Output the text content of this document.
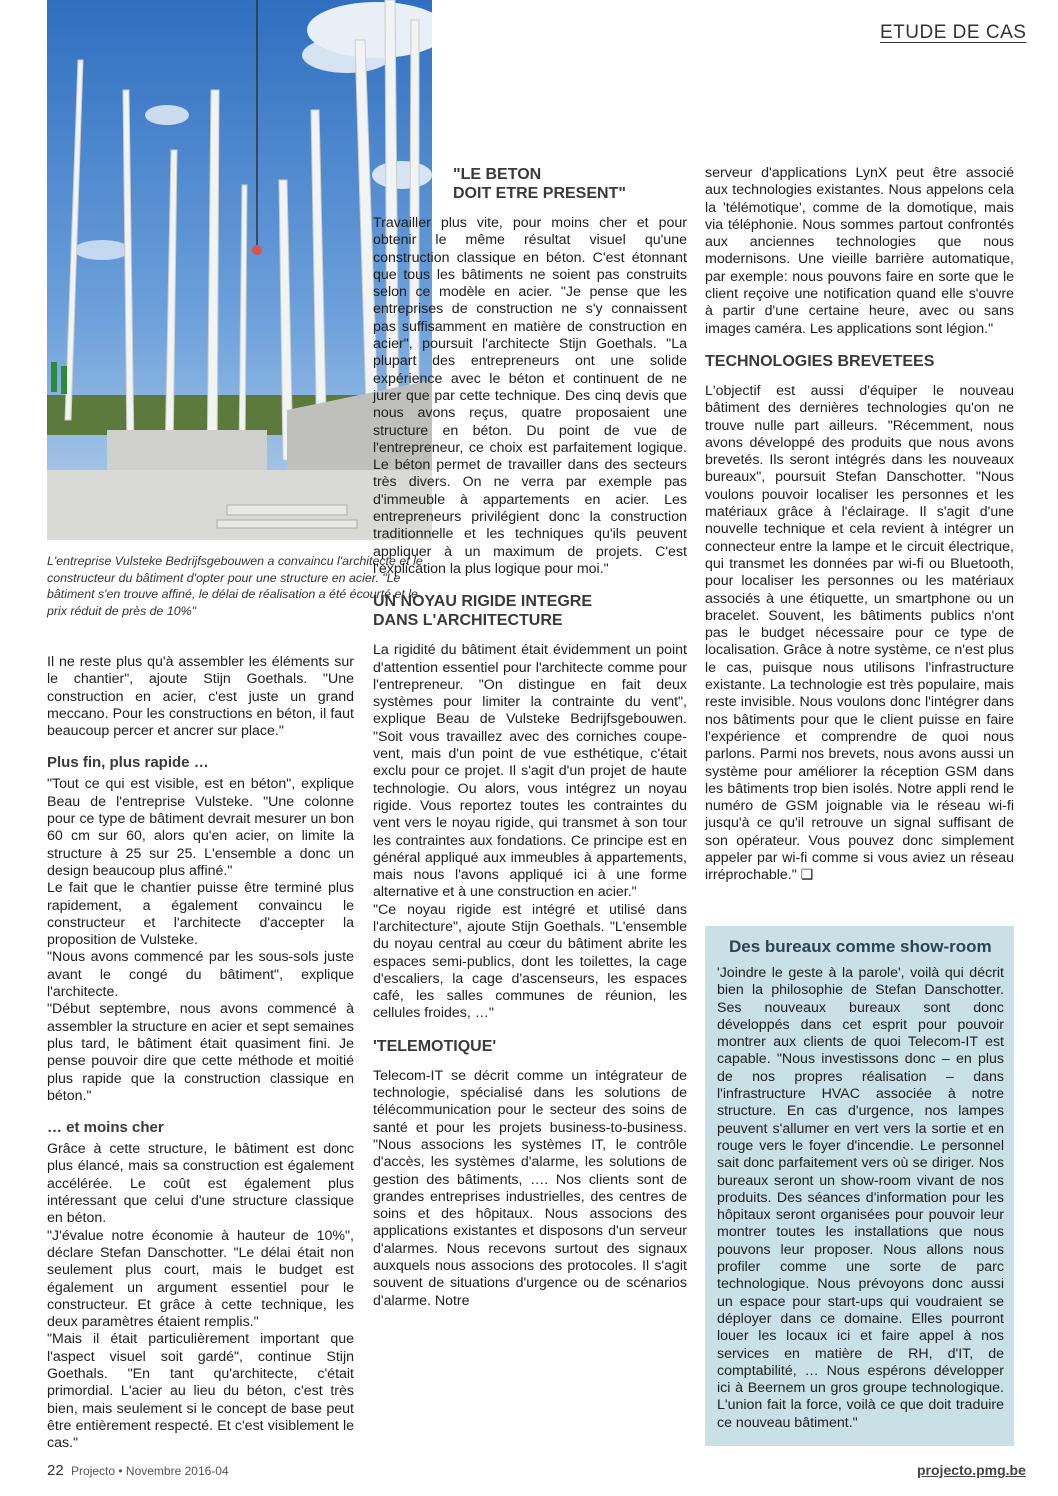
ETUDE DE CAS
L'entreprise Vulsteke Bedrijfsgebouwen a convaincu l'architecte et le constructeur du bâtiment d'opter pour une structure en acier. "Le bâtiment s'en trouve affiné, le délai de réalisation a été écourté et le prix réduit de près de 10%"

Il ne reste plus qu'à assembler les éléments sur le chantier", ajoute Stijn Goethals. "Une construction en acier, c'est juste un grand meccano. Pour les constructions en béton, il faut beaucoup percer et ancrer sur place."

Plus fin, plus rapide …

"Tout ce qui est visible, est en béton", explique Beau de l'entreprise Vulsteke. "Une colonne pour ce type de bâtiment devrait mesurer un bon 60 cm sur 60, alors qu'en acier, on limite la structure à 25 sur 25. L'ensemble a donc un design beaucoup plus affiné."

Le fait que le chantier puisse être terminé plus rapidement, a également convaincu le constructeur et l'architecte d'accepter la proposition de Vulsteke.

"Nous avons commencé par les sous-sols juste avant le congé du bâtiment", explique l'architecte.

"Début septembre, nous avons commencé à assembler la structure en acier et sept semaines plus tard, le bâtiment était quasiment fini. Je pense pouvoir dire que cette méthode et moitié plus rapide que la construction classique en béton."

… et moins cher

Grâce à cette structure, le bâtiment est donc plus élancé, mais sa construction est également accélérée. Le coût est également plus intéressant que celui d'une structure classique en béton.

"J'évalue notre économie à hauteur de 10%", déclare Stefan Danschotter. "Le délai était non seulement plus court, mais le budget est également un argument essentiel pour le constructeur. Et grâce à cette technique, les deux paramètres étaient remplis."

"Mais il était particulièrement important que l'aspect visuel soit gardé", continue Stijn Goethals. "En tant qu'architecte, c'était primordial. L'acier au lieu du béton, c'est très bien, mais seulement si le concept de base peut être entièrement respecté. Et c'est visiblement le cas."

"LE BETON
DOIT ETRE PRESENT"

Travailler plus vite, pour moins cher et pour obtenir le même résultat visuel qu'une construction classique en béton. C'est étonnant que tous les bâtiments ne soient pas construits selon ce modèle en acier. "Je pense que les entreprises de construction ne s'y connaissent pas suffisamment en matière de construction en acier", poursuit l'architecte Stijn Goethals. "La plupart des entrepreneurs ont une solide expérience avec le béton et continuent de ne jurer que par cette technique. Des cinq devis que nous avons reçus, quatre proposaient une structure en béton. Du point de vue de l'entrepreneur, ce choix est parfaitement logique. Le béton permet de travailler dans des secteurs très divers. On ne verra par exemple pas d'immeuble à appartements en acier. Les entrepreneurs privilégient donc la construction traditionnelle et les techniques qu'ils peuvent appliquer à un maximum de projets. C'est l'explication la plus logique pour moi."

UN NOYAU RIGIDE INTEGRE
DANS L'ARCHITECTURE

La rigidité du bâtiment était évidemment un point d'attention essentiel pour l'architecte comme pour l'entrepreneur. "On distingue en fait deux systèmes pour limiter la contrainte du vent", explique Beau de Vulsteke Bedrijfsgebouwen. "Soit vous travaillez avec des corniches coupe-vent, mais d'un point de vue esthétique, c'était exclu pour ce projet. Il s'agit d'un projet de haute technologie. Ou alors, vous intégrez un noyau rigide. Vous reportez toutes les contraintes du vent vers le noyau rigide, qui transmet à son tour les contraintes aux fondations. Ce principe est en général appliqué aux immeubles à appartements, mais nous l'avons appliqué ici à une forme alternative et à une construction en acier."

"Ce noyau rigide est intégré et utilisé dans l'architecture", ajoute Stijn Goethals. "L'ensemble du noyau central au cœur du bâtiment abrite les espaces semi-publics, dont les toilettes, la cage d'escaliers, la cage d'ascenseurs, les espaces café, les salles communes de réunion, les cellules froides, …"

'TELEMOTIQUE'

Telecom-IT se décrit comme un intégrateur de technologie, spécialisé dans les solutions de télécommunication pour le secteur des soins de santé et pour les projets business-to-business. "Nous associons les systèmes IT, le contrôle d'accès, les systèmes d'alarme, les solutions de gestion des bâtiments, …. Nos clients sont de grandes entreprises industrielles, des centres de soins et des hôpitaux. Nous associons des applications existantes et disposons d'un serveur d'alarmes. Nous recevons surtout des signaux auxquels nous associons des protocoles. Il s'agit souvent de situations d'urgence ou de scénarios d'alarme. Notre

serveur d'applications LynX peut être associé aux technologies existantes. Nous appelons cela la 'télémotique', comme de la domotique, mais via téléphonie. Nous sommes partout confrontés aux anciennes technologies que nous modernisons. Une vieille barrière automatique, par exemple: nous pouvons faire en sorte que le client reçoive une notification quand elle s'ouvre à partir d'une certaine heure, avec ou sans images caméra. Les applications sont légion."

TECHNOLOGIES BREVETEES

L'objectif est aussi d'équiper le nouveau bâtiment des dernières technologies qu'on ne trouve nulle part ailleurs. "Récemment, nous avons développé des produits que nous avons brevetés. Ils seront intégrés dans les nouveaux bureaux", poursuit Stefan Danschotter. "Nous voulons pouvoir localiser les personnes et les matériaux grâce à l'éclairage. Il s'agit d'une nouvelle technique et cela revient à intégrer un connecteur entre la lampe et le circuit électrique, qui transmet les données par wi-fi ou Bluetooth, pour localiser les personnes ou les matériaux associés à une étiquette, un smartphone ou un bracelet. Souvent, les bâtiments publics n'ont pas le budget nécessaire pour ce type de localisation. Grâce à notre système, ce n'est plus le cas, puisque nous utilisons l'infrastructure existante. La technologie est très populaire, mais reste invisible. Nous voulons donc l'intégrer dans nos bâtiments pour que le client puisse en faire l'expérience et comprendre de quoi nous parlons. Parmi nos brevets, nous avons aussi un système pour améliorer la réception GSM dans les bâtiments trop bien isolés. Notre appli rend le numéro de GSM joignable via le réseau wi-fi jusqu'à ce qu'il retrouve un signal suffisant de son opérateur. Vous pouvez donc simplement appeler par wi-fi comme si vous aviez un réseau irréprochable." ❑

Des bureaux comme show-room

'Joindre le geste à la parole', voilà qui décrit bien la philosophie de Stefan Danschotter. Ses nouveaux bureaux sont donc développés dans cet esprit pour pouvoir montrer aux clients de quoi Telecom-IT est capable. "Nous investissons donc – en plus de nos propres réalisation – dans l'infrastructure HVAC associée à notre structure. En cas d'urgence, nos lampes peuvent s'allumer en vert vers la sortie et en rouge vers le foyer d'incendie. Le personnel sait donc parfaitement vers où se diriger. Nos bureaux seront un show-room vivant de nos produits. Des séances d'information pour les hôpitaux seront organisées pour pouvoir leur montrer toutes les installations que nous pouvons leur proposer. Nous allons nous profiler comme une sorte de parc technologique. Nous prévoyons donc aussi un espace pour start-ups qui voudraient se déployer dans ce domaine. Elles pourront louer les locaux ici et faire appel à nos services en matière de RH, d'IT, de comptabilité, … Nous espérons développer ici à Beernem un gros groupe technologique. L'union fait la force, voilà ce que doit traduire ce nouveau bâtiment."

22 Projecto • Novembre 2016-04	projecto.pmg.be
